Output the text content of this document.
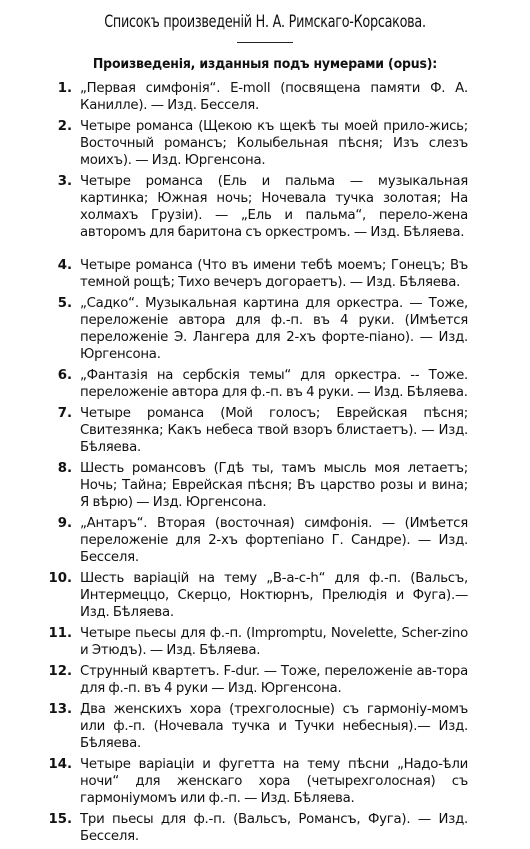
Списокъ произведеній Н. А. Римскаго-Корсакова.
Произведенія, изданныя подъ нумерами (opus):
1. „Первая симфонія“. E-moll (посвящена памяти Ф. А. Канилле). — Изд. Бесселя.
2. Четыре романса (Щекою къ щекѣ ты моей прило-жись; Восточный романсъ; Колыбельная пѣсня; Изъ слезъ моихъ). — Изд. Юргенсона.
3. Четыре романса (Ель и пальма — музыкальная картинка; Южная ночь; Ночевала тучка золотая; На холмахъ Грузіи). — „Ель и пальма“, перело-жена авторомъ для баритона съ оркестромъ. — Изд. Бѣляева.
4. Четыре романса (Что въ имени тебѣ моемъ; Гонецъ; Въ темной рощѣ; Тихо вечеръ догораетъ). — Изд. Бѣляева.
5. „Садко“. Музыкальная картина для оркестра. — Тоже, переложеніе автора для ф.-п. въ 4 руки. (Имѣется переложеніе Э. Лангера для 2-хъ форте-піано). — Изд. Юргенсона.
6. „Фантазія на сербскія темы“ для оркестра. -- Тоже. переложеніе автора для ф.-п. въ 4 руки. — Изд. Бѣляева.
7. Четыре романса (Мой голосъ; Еврейская пѣсня; Свитезянка; Какъ небеса твой взоръ блистаетъ). — Изд. Бѣляева.
8. Шесть романсовъ (Гдѣ ты, тамъ мысль моя летаетъ; Ночь; Тайна; Еврейская пѣсня; Въ царство розы и вина; Я вѣрю) — Изд. Юргенсона.
9. „Антаръ“. Вторая (восточная) симфонія. — (Имѣется переложеніе для 2-хъ фортепіано Г. Сандре). — Изд. Бесселя.
10. Шесть варіацій на тему „B-a-c-h“ для ф.-п. (Вальсъ, Интермеццо, Скерцо, Ноктюрнъ, Прелюдія и Фуга).— Изд. Бѣляева.
11. Четыре пьесы для ф.-п. (Impromptu, Novelette, Scher-zino и Этюдъ). — Изд. Бѣляева.
12. Струнный квартетъ. F-dur. — Тоже, переложеніе ав-тора для ф.-п. въ 4 руки — Изд. Юргенсона.
13. Два женскихъ хора (трехголосные) съ гармоніу-момъ или ф.-п. (Ночевала тучка и Тучки небесныя).— Изд. Бѣляева.
14. Четыре варіаціи и фугетта на тему пѣсни „Надо-ѣли ночи“ для женскаго хора (четырехголосная) съ гармоніумомъ или ф.-п. — Изд. Бѣляева.
15. Три пьесы для ф.-п. (Вальсъ, Романсъ, Фуга). — Изд. Бесселя.
